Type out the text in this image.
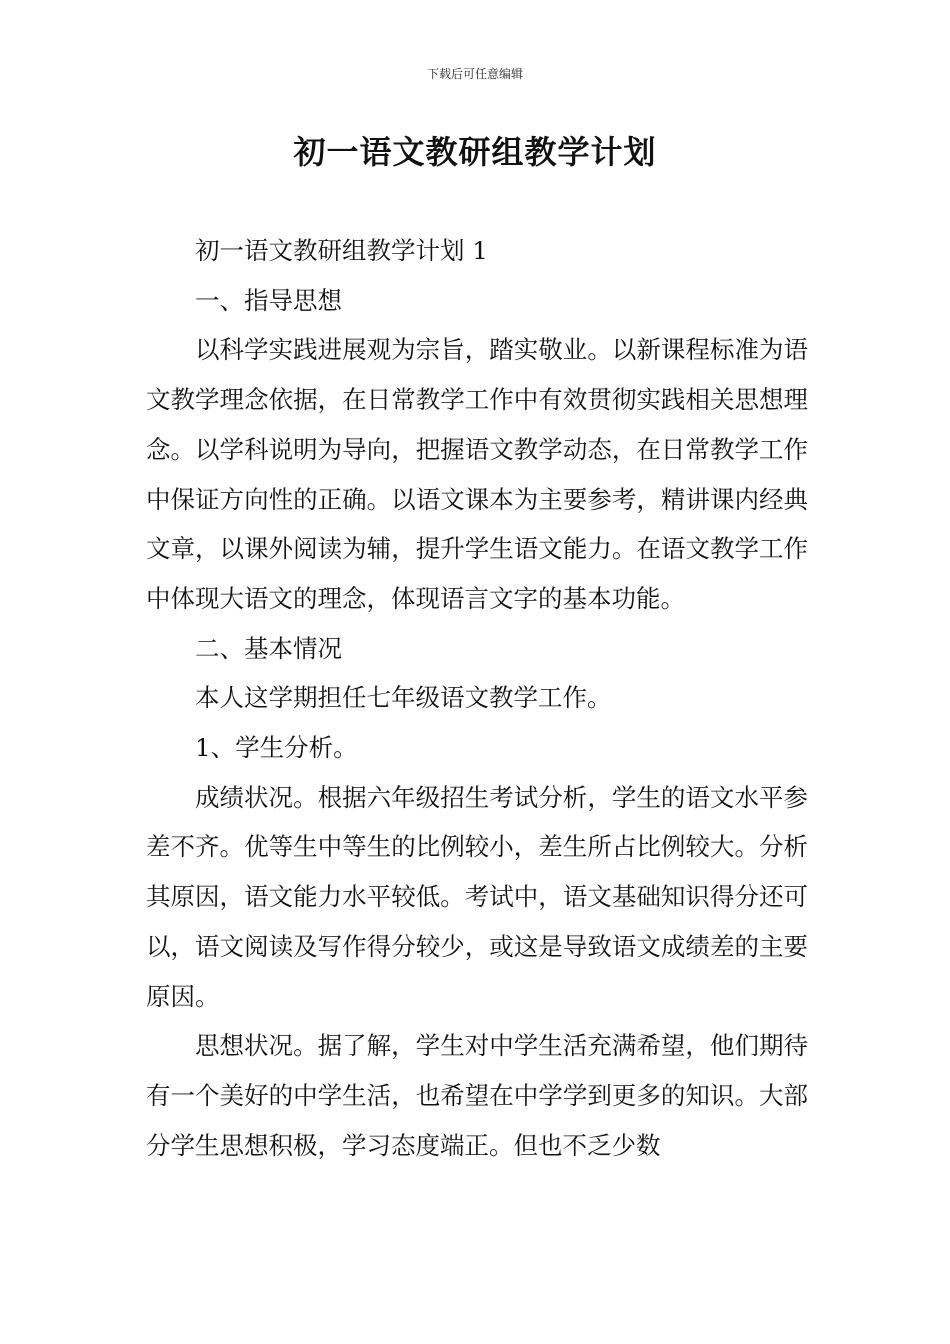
下载后可任意编辑
初一语文教研组教学计划

初一语文教研组教学计划 1

一、指导思想

以科学实践进展观为宗旨，踏实敬业。以新课程标准为语文教学理念依据，在日常教学工作中有效贯彻实践相关思想理念。以学科说明为导向，把握语文教学动态，在日常教学工作中保证方向性的正确。以语文课本为主要参考，精讲课内经典文章，以课外阅读为辅，提升学生语文能力。在语文教学工作中体现大语文的理念，体现语言文字的基本功能。

二、基本情况

本人这学期担任七年级语文教学工作。

1、学生分析。

成绩状况。根据六年级招生考试分析，学生的语文水平参差不齐。优等生中等生的比例较小，差生所占比例较大。分析其原因，语文能力水平较低。考试中，语文基础知识得分还可以，语文阅读及写作得分较少，或这是导致语文成绩差的主要原因。

思想状况。据了解，学生对中学生活充满希望，他们期待有一个美好的中学生活，也希望在中学学到更多的知识。大部分学生思想积极，学习态度端正。但也不乏少数
